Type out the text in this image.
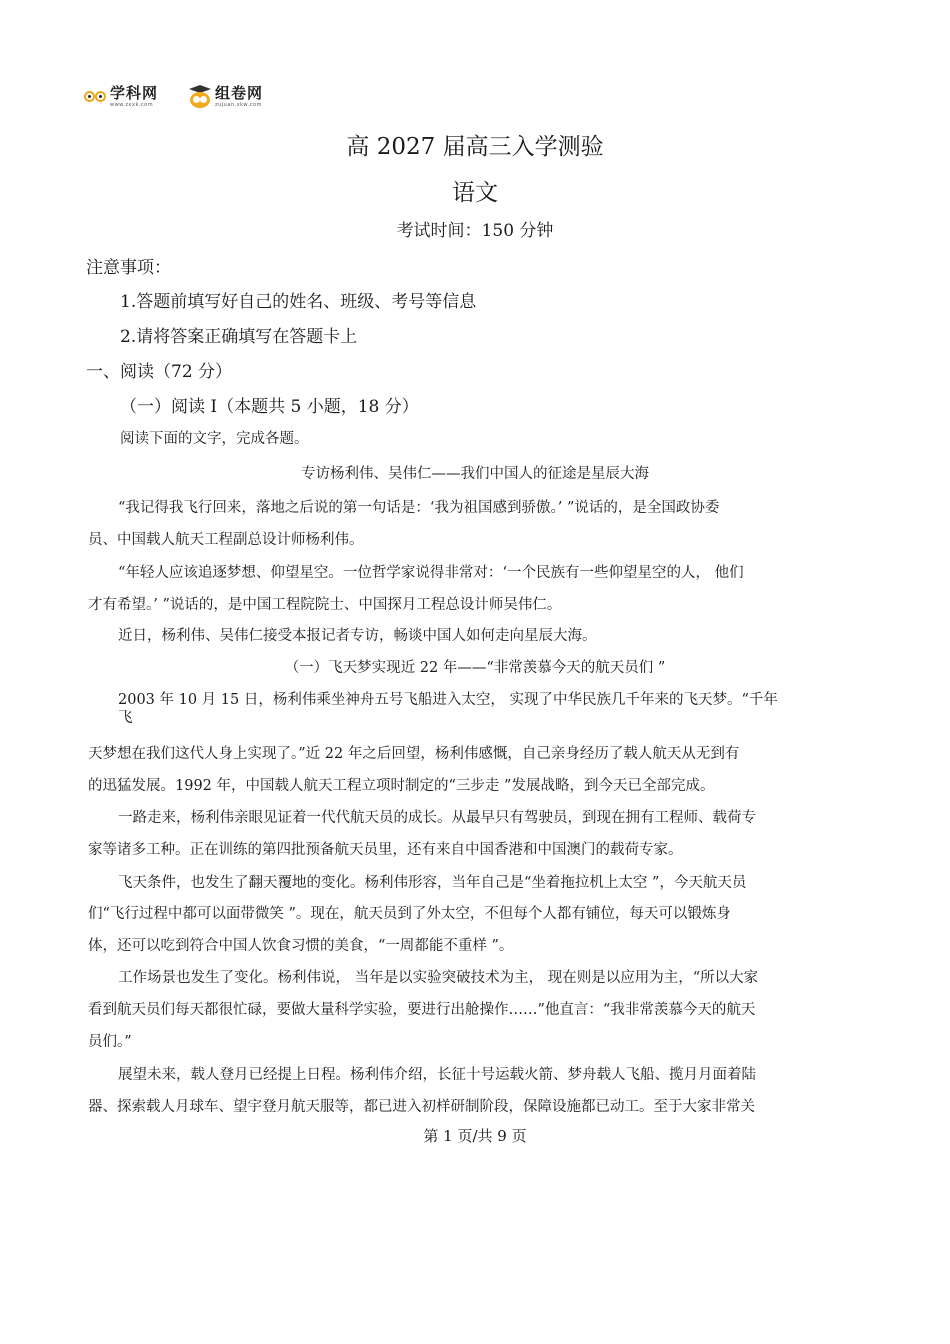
学科网
www.zxxk.com
组卷网
zujuan.xkw.com
高 2027 届高三入学测验
语文
考试时间：150 分钟
注意事项：
1.答题前填写好自己的姓名、班级、考号等信息
2.请将答案正确填写在答题卡上
一、阅读（72 分）
（一）阅读 I（本题共 5 小题，18 分）
阅读下面的文字，完成各题。
专访杨利伟、吴伟仁——我们中国人的征途是星辰大海
“我记得我飞行回来，落地之后说的第一句话是：‘我为祖国感到骄傲。’ ”说话的，是全国政协委
员、中国载人航天工程副总设计师杨利伟。
“年轻人应该追逐梦想、仰望星空。一位哲学家说得非常对：‘一个民族有一些仰望星空的人， 他们
才有希望。’ ”说话的，是中国工程院院士、中国探月工程总设计师吴伟仁。
近日，杨利伟、吴伟仁接受本报记者专访，畅谈中国人如何走向星辰大海。
（一）飞天梦实现近 22 年——“非常羡慕今天的航天员们 ”
2003 年 10 月 15 日，杨利伟乘坐神舟五号飞船进入太空， 实现了中华民族几千年来的飞天梦。“千年
飞
天梦想在我们这代人身上实现了。”近 22 年之后回望，杨利伟感慨，自己亲身经历了载人航天从无到有
的迅猛发展。1992 年，中国载人航天工程立项时制定的“三步走 ”发展战略，到今天已全部完成。
一路走来，杨利伟亲眼见证着一代代航天员的成长。从最早只有驾驶员，到现在拥有工程师、载荷专
家等诸多工种。正在训练的第四批预备航天员里，还有来自中国香港和中国澳门的载荷专家。
飞天条件，也发生了翻天覆地的变化。杨利伟形容，当年自己是“坐着拖拉机上太空 ”，今天航天员
们“飞行过程中都可以面带微笑 ”。现在，航天员到了外太空，不但每个人都有铺位，每天可以锻炼身
体，还可以吃到符合中国人饮食习惯的美食，“一周都能不重样 ”。
工作场景也发生了变化。杨利伟说， 当年是以实验突破技术为主， 现在则是以应用为主，“所以大家
看到航天员们每天都很忙碌，要做大量科学实验，要进行出舱操作……”他直言：“我非常羡慕今天的航天
员们。”
展望未来，载人登月已经提上日程。杨利伟介绍，长征十号运载火箭、梦舟载人飞船、揽月月面着陆
器、探索载人月球车、望宇登月航天服等，都已进入初样研制阶段，保障设施都已动工。至于大家非常关
第 1 页/共 9 页
